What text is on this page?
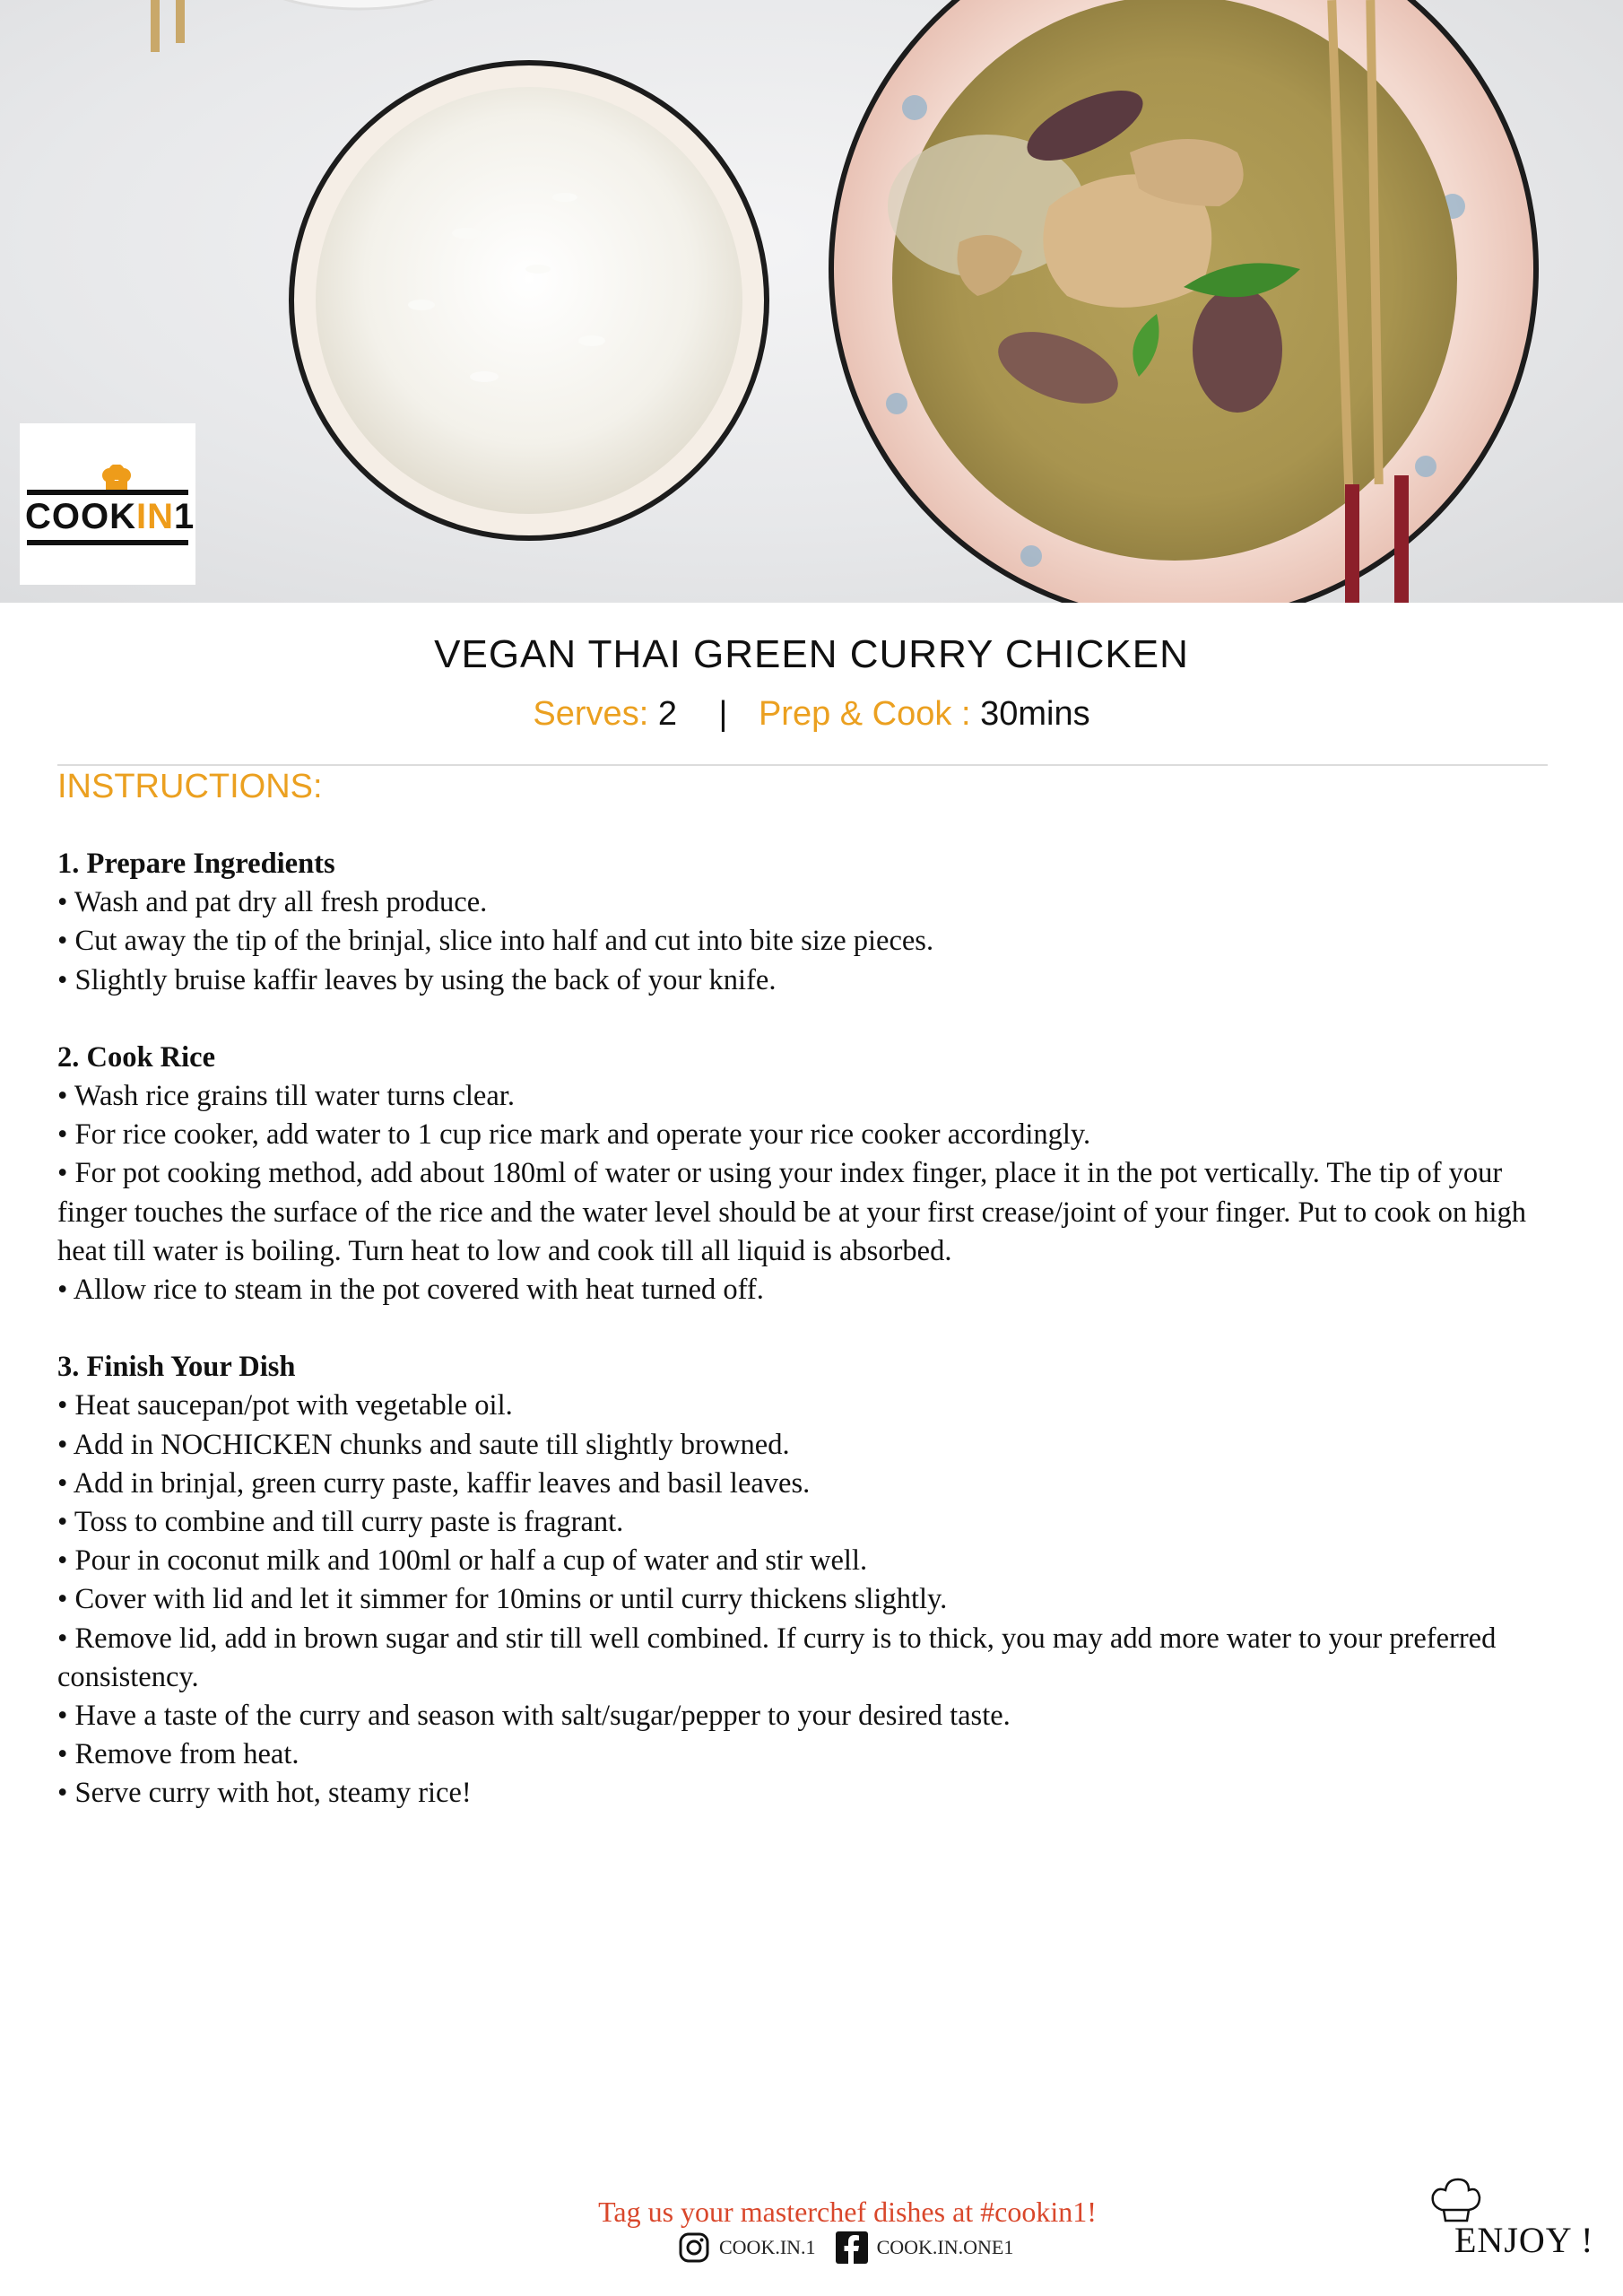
COOKIN1
VEGAN THAI GREEN CURRY CHICKEN
Serves: 2 | Prep & Cook : 30mins
INSTRUCTIONS:
1. Prepare Ingredients

• Wash and pat dry all fresh produce.

• Cut away the tip of the brinjal, slice into half and cut into bite size pieces.

• Slightly bruise kaffir leaves by using the back of your knife.

2. Cook Rice

• Wash rice grains till water turns clear.

• For rice cooker, add water to 1 cup rice mark and operate your rice cooker accordingly.

• For pot cooking method, add about 180ml of water or using your index finger, place it in the pot vertically. The tip of your finger touches the surface of the rice and the water level should be at your first crease/joint of your finger. Put to cook on high heat till water is boiling. Turn heat to low and cook till all liquid is absorbed.

• Allow rice to steam in the pot covered with heat turned off.

3. Finish Your Dish

• Heat saucepan/pot with vegetable oil.

• Add in NOCHICKEN chunks and saute till slightly browned.

• Add in brinjal, green curry paste, kaffir leaves and basil leaves.

• Toss to combine and till curry paste is fragrant.

• Pour in coconut milk and 100ml or half a cup of water and stir well.

• Cover with lid and let it simmer for 10mins or until curry thickens slightly.

• Remove lid, add in brown sugar and stir till well combined. If curry is to thick, you may add more water to your preferred consistency.

• Have a taste of the curry and season with salt/sugar/pepper to your desired taste.

• Remove from heat.

• Serve curry with hot, steamy rice!

Tag us your masterchef dishes at #cookin1!
COOK.IN.1	COOK.IN.ONE1	ENJOY !
